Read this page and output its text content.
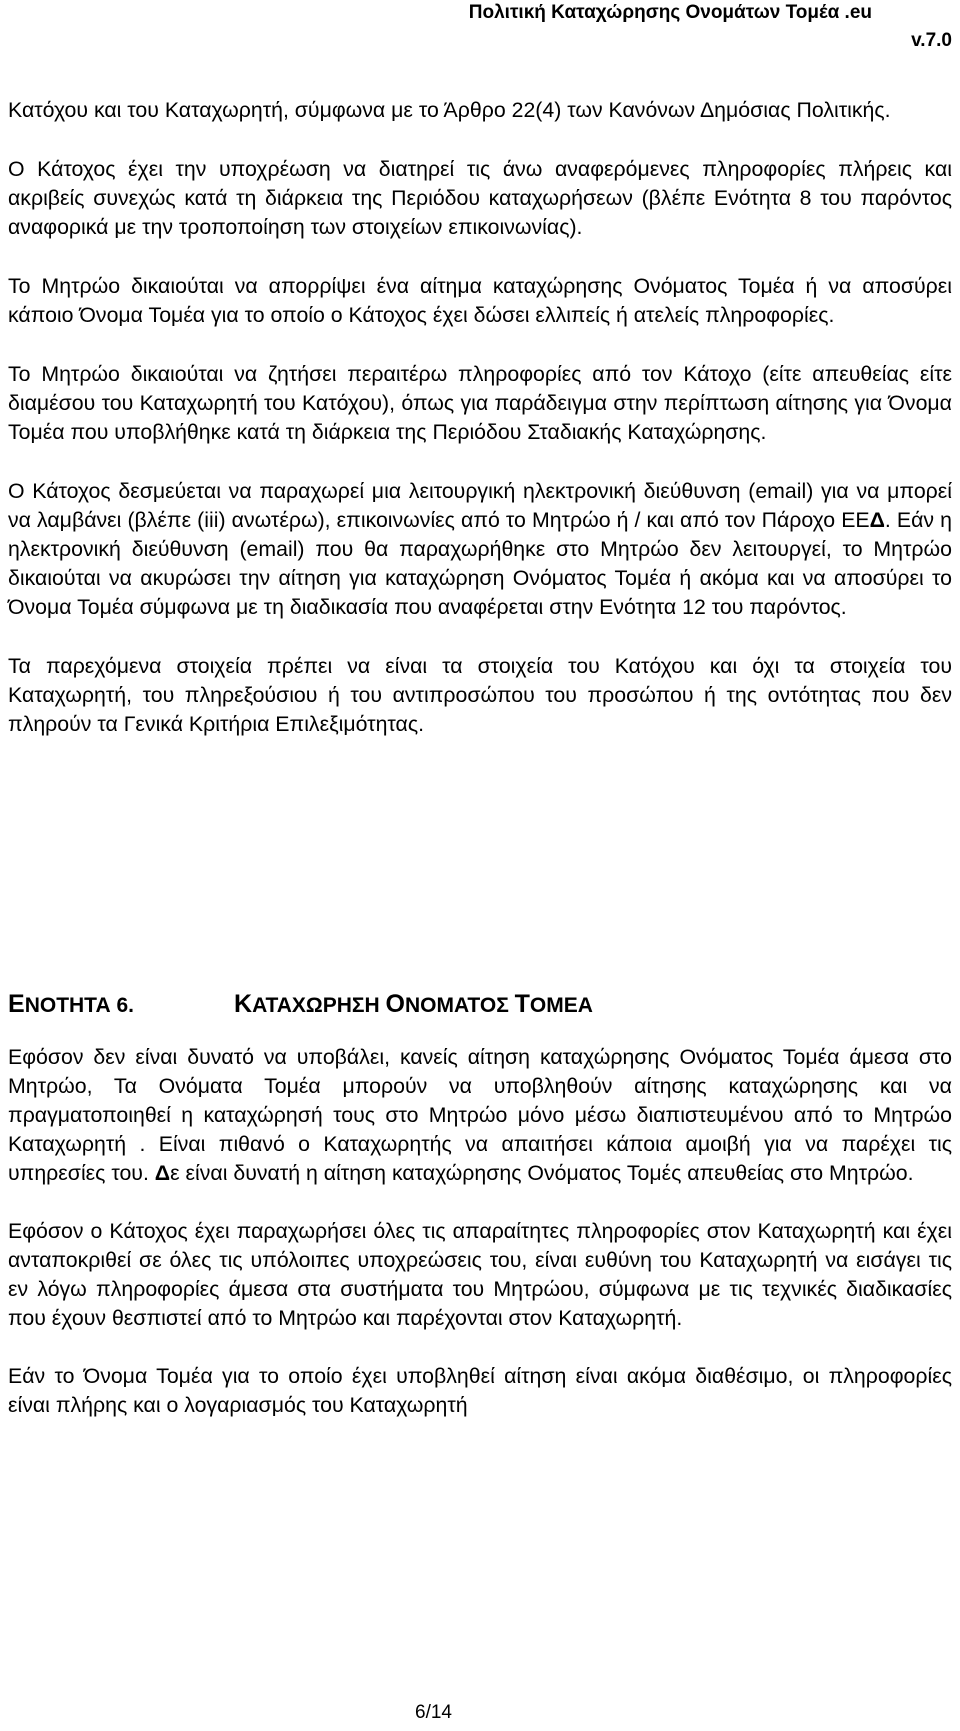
Πολιτική Καταχώρησης Ονομάτων Τομέα .eu
v.7.0

Κατόχου και του Καταχωρητή, σύμφωνα με το Άρθρο 22(4) των Κανόνων Δημόσιας Πολιτικής.

Ο Κάτοχος έχει την υποχρέωση να διατηρεί τις άνω αναφερόμενες πληροφορίες πλήρεις και ακριβείς συνεχώς κατά τη διάρκεια της Περιόδου καταχωρήσεων (βλέπε Ενότητα 8 του παρόντος αναφορικά με την τροποποίηση των στοιχείων επικοινωνίας).

Το Μητρώο δικαιούται να απορρίψει ένα αίτημα καταχώρησης Ονόματος Τομέα ή να αποσύρει κάποιο Όνομα Τομέα για το οποίο ο Κάτοχος έχει δώσει ελλιπείς ή ατελείς πληροφορίες.

Το Μητρώο δικαιούται να ζητήσει περαιτέρω πληροφορίες από τον Κάτοχο (είτε απευθείας είτε διαμέσου του Καταχωρητή του Κατόχου), όπως για παράδειγμα στην περίπτωση αίτησης για Όνομα Τομέα που υποβλήθηκε κατά τη διάρκεια της Περιόδου Σταδιακής Καταχώρησης.

Ο Κάτοχος δεσμεύεται να παραχωρεί μια λειτουργική ηλεκτρονική διεύθυνση (email) για να μπορεί να λαμβάνει (βλέπε (iii) ανωτέρω), επικοινωνίες από το Μητρώο ή / και από τον Πάροχο ΕΕΔ. Εάν η ηλεκτρονική διεύθυνση (email) που θα παραχωρήθηκε στο Μητρώο δεν λειτουργεί, το Μητρώο δικαιούται να ακυρώσει την αίτηση για καταχώρηση Ονόματος Τομέα ή ακόμα και να αποσύρει το Όνομα Τομέα σύμφωνα με τη διαδικασία που αναφέρεται στην Ενότητα 12 του παρόντος.

Τα παρεχόμενα στοιχεία πρέπει να είναι τα στοιχεία του Κατόχου και όχι τα στοιχεία του Καταχωρητή, του πληρεξούσιου ή του αντιπροσώπου του προσώπου ή της οντότητας που δεν πληρούν τα Γενικά Κριτήρια Επιλεξιμότητας.

ΕΝΟΤΗΤΑ 6.	ΚΑΤΑΧΩΡΗΣΗ ΟΝΟΜΑΤΟΣ ΤΟΜΕΑ

Εφόσον δεν είναι δυνατό να υποβάλει, κανείς αίτηση καταχώρησης Ονόματος Τομέα άμεσα στο Μητρώο, Τα Ονόματα Τομέα μπορούν να υποβληθούν αίτησης καταχώρησης και να πραγματοποιηθεί η καταχώρησή τους στο Μητρώο μόνο μέσω διαπιστευμένου από το Μητρώο Καταχωρητή . Είναι πιθανό ο Καταχωρητής να απαιτήσει κάποια αμοιβή για να παρέχει τις υπηρεσίες του. Δε είναι δυνατή η αίτηση καταχώρησης Ονόματος Τομές απευθείας στο Μητρώο.

Εφόσον ο Κάτοχος έχει παραχωρήσει όλες τις απαραίτητες πληροφορίες στον Καταχωρητή και έχει ανταποκριθεί σε όλες τις υπόλοιπες υποχρεώσεις του, είναι ευθύνη του Καταχωρητή να εισάγει τις εν λόγω πληροφορίες άμεσα στα συστήματα του Μητρώου, σύμφωνα με τις τεχνικές διαδικασίες που έχουν θεσπιστεί από το Μητρώο και παρέχονται στον Καταχωρητή.

Εάν το Όνομα Τομέα για το οποίο έχει υποβληθεί αίτηση είναι ακόμα διαθέσιμο, οι πληροφορίες είναι πλήρης και ο λογαριασμός του Καταχωρητή

6/14
